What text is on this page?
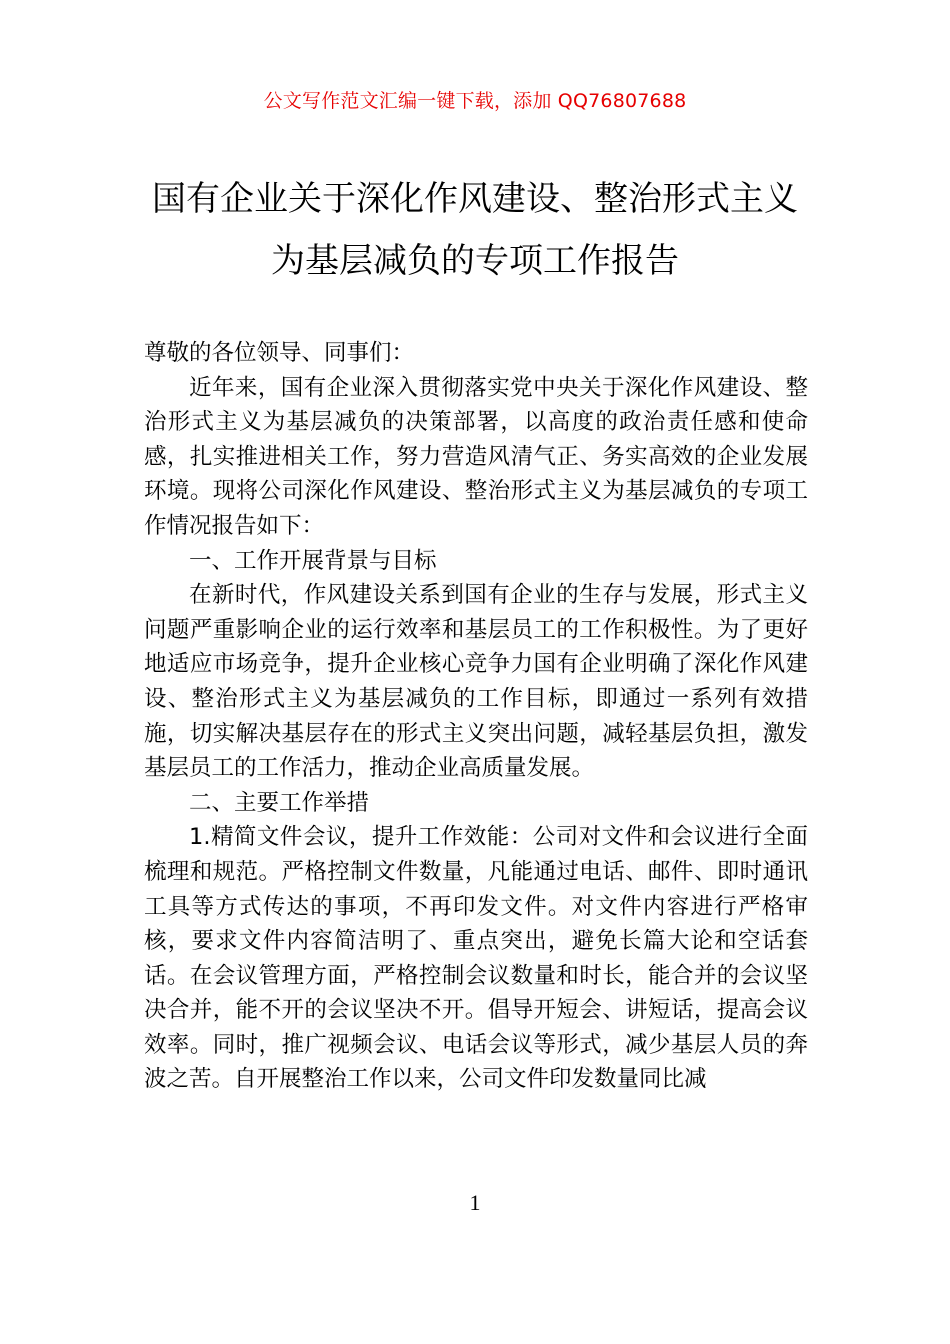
公文写作范文汇编一键下载，添加 QQ76807688
国有企业关于深化作风建设、整治形式主义为基层减负的专项工作报告

尊敬的各位领导、同事们：

近年来，国有企业深入贯彻落实党中央关于深化作风建设、整治形式主义为基层减负的决策部署，以高度的政治责任感和使命感，扎实推进相关工作，努力营造风清气正、务实高效的企业发展环境。现将公司深化作风建设、整治形式主义为基层减负的专项工作情况报告如下：

一、工作开展背景与目标

在新时代，作风建设关系到国有企业的生存与发展，形式主义问题严重影响企业的运行效率和基层员工的工作积极性。为了更好地适应市场竞争，提升企业核心竞争力国有企业明确了深化作风建设、整治形式主义为基层减负的工作目标，即通过一系列有效措施，切实解决基层存在的形式主义突出问题，减轻基层负担，激发基层员工的工作活力，推动企业高质量发展。

二、主要工作举措

1.精简文件会议，提升工作效能：公司对文件和会议进行全面梳理和规范。严格控制文件数量，凡能通过电话、邮件、即时通讯工具等方式传达的事项，不再印发文件。对文件内容进行严格审核，要求文件内容简洁明了、重点突出，避免长篇大论和空话套话。在会议管理方面，严格控制会议数量和时长，能合并的会议坚决合并，能不开的会议坚决不开。倡导开短会、讲短话，提高会议效率。同时，推广视频会议、电话会议等形式，减少基层人员的奔波之苦。自开展整治工作以来，公司文件印发数量同比减

1
